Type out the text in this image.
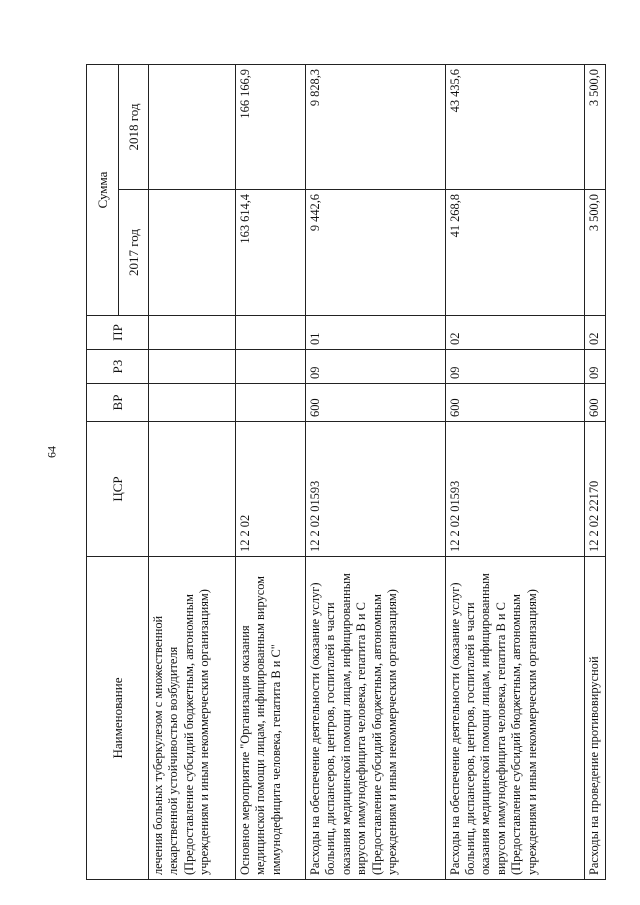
64
Наименование	ЦСР	ВР	РЗ	ПР	Сумма	
					2017 год	2018 год
лечения больных туберкулезом с множественной лекарственной устойчивостью возбудителя (Предоставление субсидий бюджетным, автономным учреждениям и иным некоммерческим организациям)						
Основное мероприятие "Организация оказания медицинской помощи лицам, инфицированным вирусом иммунодефицита человека, гепатита В и С"	12 2 02				163 614,4	166 166,9
Расходы на обеспечение деятельности (оказание услуг) больниц, диспансеров, центров, госпиталей в части оказания медицинской помощи лицам, инфицированным вирусом иммунодефицита человека, гепатита В и С (Предоставление субсидий бюджетным, автономным учреждениям и иным некоммерческим организациям)	12 2 02 01593	600	09	01	9 442,6	9 828,3
Расходы на обеспечение деятельности (оказание услуг) больниц, диспансеров, центров, госпиталей в части оказания медицинской помощи лицам, инфицированным вирусом иммунодефицита человека, гепатита В и С (Предоставление субсидий бюджетным, автономным учреждениям и иным некоммерческим организациям)	12 2 02 01593	600	09	02	41 268,8	43 435,6
Расходы на проведение противовирусной	12 2 02 22170	600	09	02	3 500,0	3 500,0
